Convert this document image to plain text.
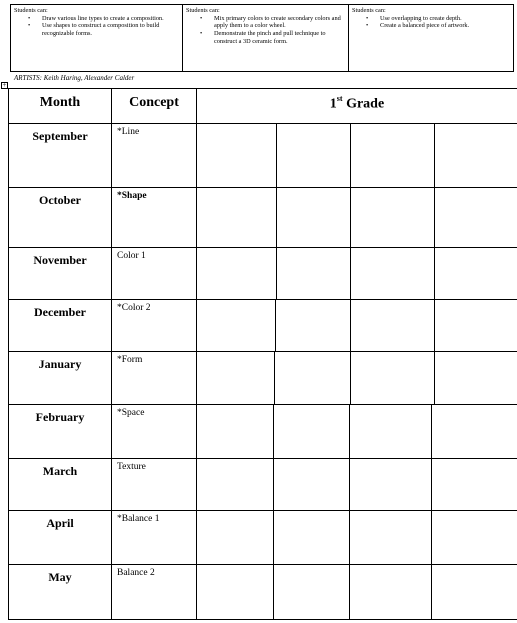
Students can:
• Draw various line types to create a composition.
• Use shapes to construct a composition to build recognizable forms.
Students can:
• Mix primary colors to create secondary colors and apply them to a color wheel.
• Demonstrate the pinch and pull technique to construct a 3D ceramic form.
Students can:
• Use overlapping to create depth.
• Create a balanced piece of artwork.
ARTISTS: Keith Haring, Alexander Calder
+
Month	Concept	1st Grade
September	*Line
October	*Shape
November	Color 1
December	*Color 2
January	*Form
February	*Space
March	Texture
April	*Balance 1
May	Balance 2
